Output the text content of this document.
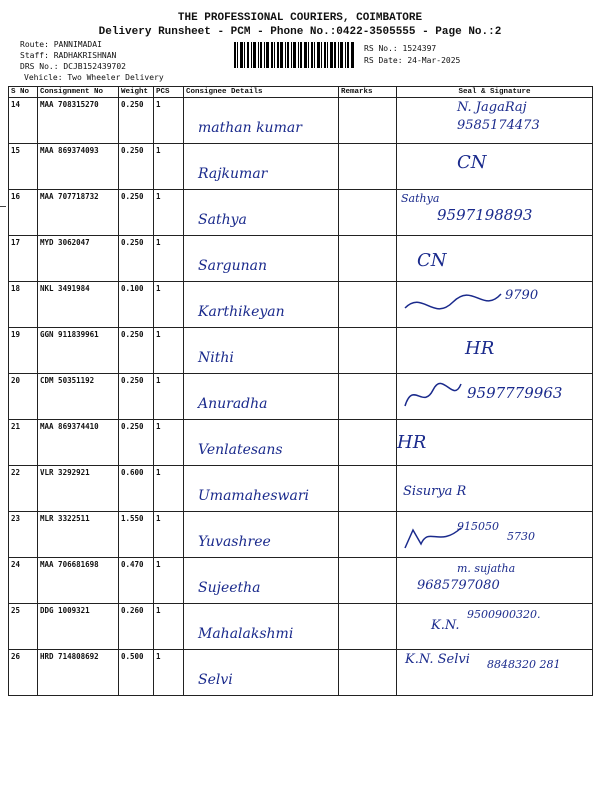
THE PROFESSIONAL COURIERS, COIMBATORE
Delivery Runsheet - PCM - Phone No.:0422-3505555 - Page No.:2
Route: PANNIMADAI
Staff: RADHAKRISHNAN
DRS No.: DCJB152439702
Vehicle: Two Wheeler Delivery
RS No.: 1524397
RS Date: 24-Mar-2025
S No	Consignment No	Weight	PCS	Consignee Details	Remarks	Seal & Signature
14	MAA 708315270	0.250	1	mathan kumar		N. JagaRaj
9585174473

15	MAA 869374093	0.250	1	Rajkumar		CN

16	MAA 707718732	0.250	1	Sathya		Sathya
9597198893

17	MYD 3062047	0.250	1	Sargunan		CN

18	NKL 3491984	0.100	1	Karthikeyan		9790

19	GGN 911839961	0.250	1	Nithi		HR

20	CDM 50351192	0.250	1	Anuradha		9597779963

21	MAA 869374410	0.250	1	Venlatesans		HR

22	VLR 3292921	0.600	1	Umamaheswari		Sisurya R

23	MLR 3322511	1.550	1	Yuvashree		915050
5730

24	MAA 706681698	0.470	1	Sujeetha		m. sujatha
9685797080

25	DDG 1009321	0.260	1	Mahalakshmi		K.N.
9500900320.

26	HRD 714808692	0.500	1	Selvi		K.N. Selvi 8848320 281
